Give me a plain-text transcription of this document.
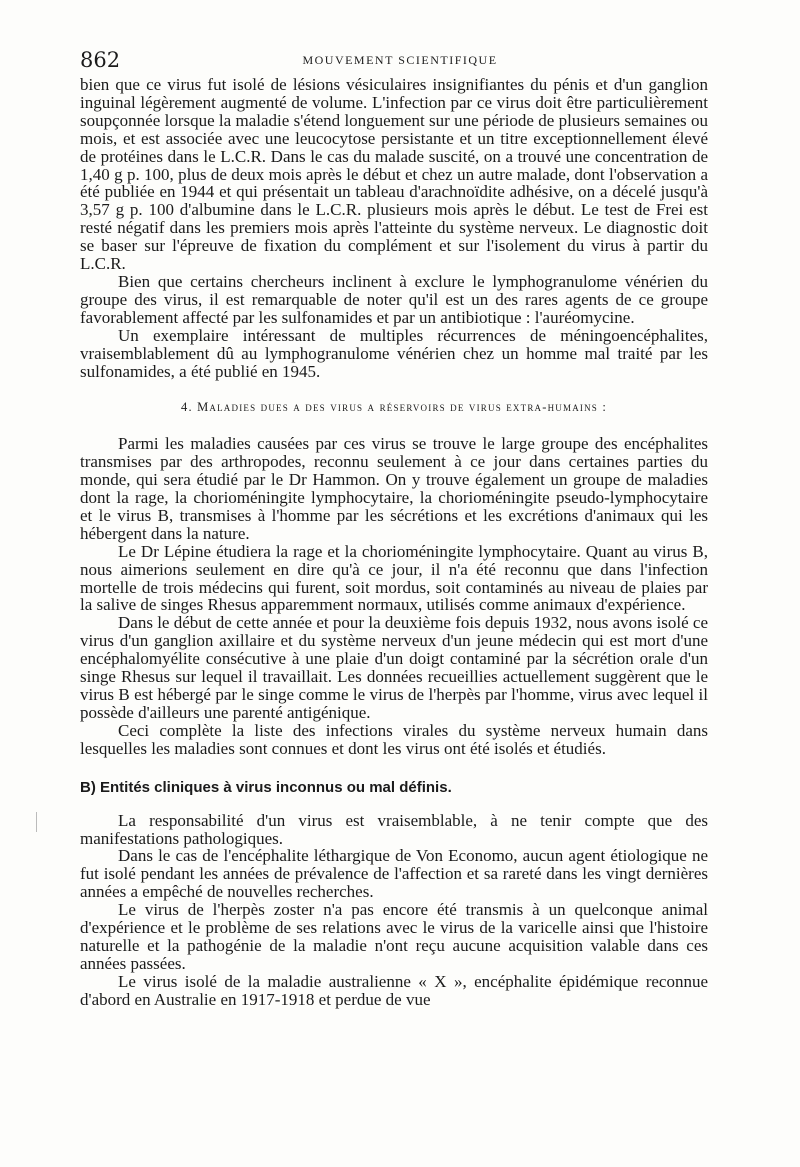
862	MOUVEMENT SCIENTIFIQUE

bien que ce virus fut isolé de lésions vésiculaires insignifiantes du pénis et d'un ganglion inguinal légèrement augmenté de volume. L'infection par ce virus doit être particulièrement soupçonnée lorsque la maladie s'étend longuement sur une période de plusieurs semaines ou mois, et est associée avec une leucocytose persistante et un titre exceptionnellement élevé de protéines dans le L.C.R. Dans le cas du malade suscité, on a trouvé une concentration de 1,40 g p. 100, plus de deux mois après le début et chez un autre malade, dont l'observation a été publiée en 1944 et qui présentait un tableau d'arachnoïdite adhésive, on a décelé jusqu'à 3,57 g p. 100 d'albumine dans le L.C.R. plusieurs mois après le début. Le test de Frei est resté négatif dans les premiers mois après l'atteinte du système nerveux. Le diagnostic doit se baser sur l'épreuve de fixation du complément et sur l'isolement du virus à partir du L.C.R.

Bien que certains chercheurs inclinent à exclure le lymphogranulome vénérien du groupe des virus, il est remarquable de noter qu'il est un des rares agents de ce groupe favorablement affecté par les sulfonamides et par un antibiotique : l'auréomycine.

Un exemplaire intéressant de multiples récurrences de méningoencéphalites, vraisemblablement dû au lymphogranulome vénérien chez un homme mal traité par les sulfonamides, a été publié en 1945.

4. Maladies dues a des virus a réservoirs de virus extra-humains :

Parmi les maladies causées par ces virus se trouve le large groupe des encéphalites transmises par des arthropodes, reconnu seulement à ce jour dans certaines parties du monde, qui sera étudié par le Dr Hammon. On y trouve également un groupe de maladies dont la rage, la chorioméningite lymphocytaire, la chorioméningite pseudo-lymphocytaire et le virus B, transmises à l'homme par les sécrétions et les excrétions d'animaux qui les hébergent dans la nature.

Le Dr Lépine étudiera la rage et la chorioméningite lymphocytaire. Quant au virus B, nous aimerions seulement en dire qu'à ce jour, il n'a été reconnu que dans l'infection mortelle de trois médecins qui furent, soit mordus, soit contaminés au niveau de plaies par la salive de singes Rhesus apparemment normaux, utilisés comme animaux d'expérience.

Dans le début de cette année et pour la deuxième fois depuis 1932, nous avons isolé ce virus d'un ganglion axillaire et du système nerveux d'un jeune médecin qui est mort d'une encéphalomyélite consécutive à une plaie d'un doigt contaminé par la sécrétion orale d'un singe Rhesus sur lequel il travaillait. Les données recueillies actuellement suggèrent que le virus B est hébergé par le singe comme le virus de l'herpès par l'homme, virus avec lequel il possède d'ailleurs une parenté antigénique.

Ceci complète la liste des infections virales du système nerveux humain dans lesquelles les maladies sont connues et dont les virus ont été isolés et étudiés.

B) Entités cliniques à virus inconnus ou mal définis.

La responsabilité d'un virus est vraisemblable, à ne tenir compte que des manifestations pathologiques.

Dans le cas de l'encéphalite léthargique de Von Economo, aucun agent étiologique ne fut isolé pendant les années de prévalence de l'affection et sa rareté dans les vingt dernières années a empêché de nouvelles recherches.

Le virus de l'herpès zoster n'a pas encore été transmis à un quelconque animal d'expérience et le problème de ses relations avec le virus de la varicelle ainsi que l'histoire naturelle et la pathogénie de la maladie n'ont reçu aucune acquisition valable dans ces années passées.

Le virus isolé de la maladie australienne « X », encéphalite épidémique reconnue d'abord en Australie en 1917-1918 et perdue de vue
